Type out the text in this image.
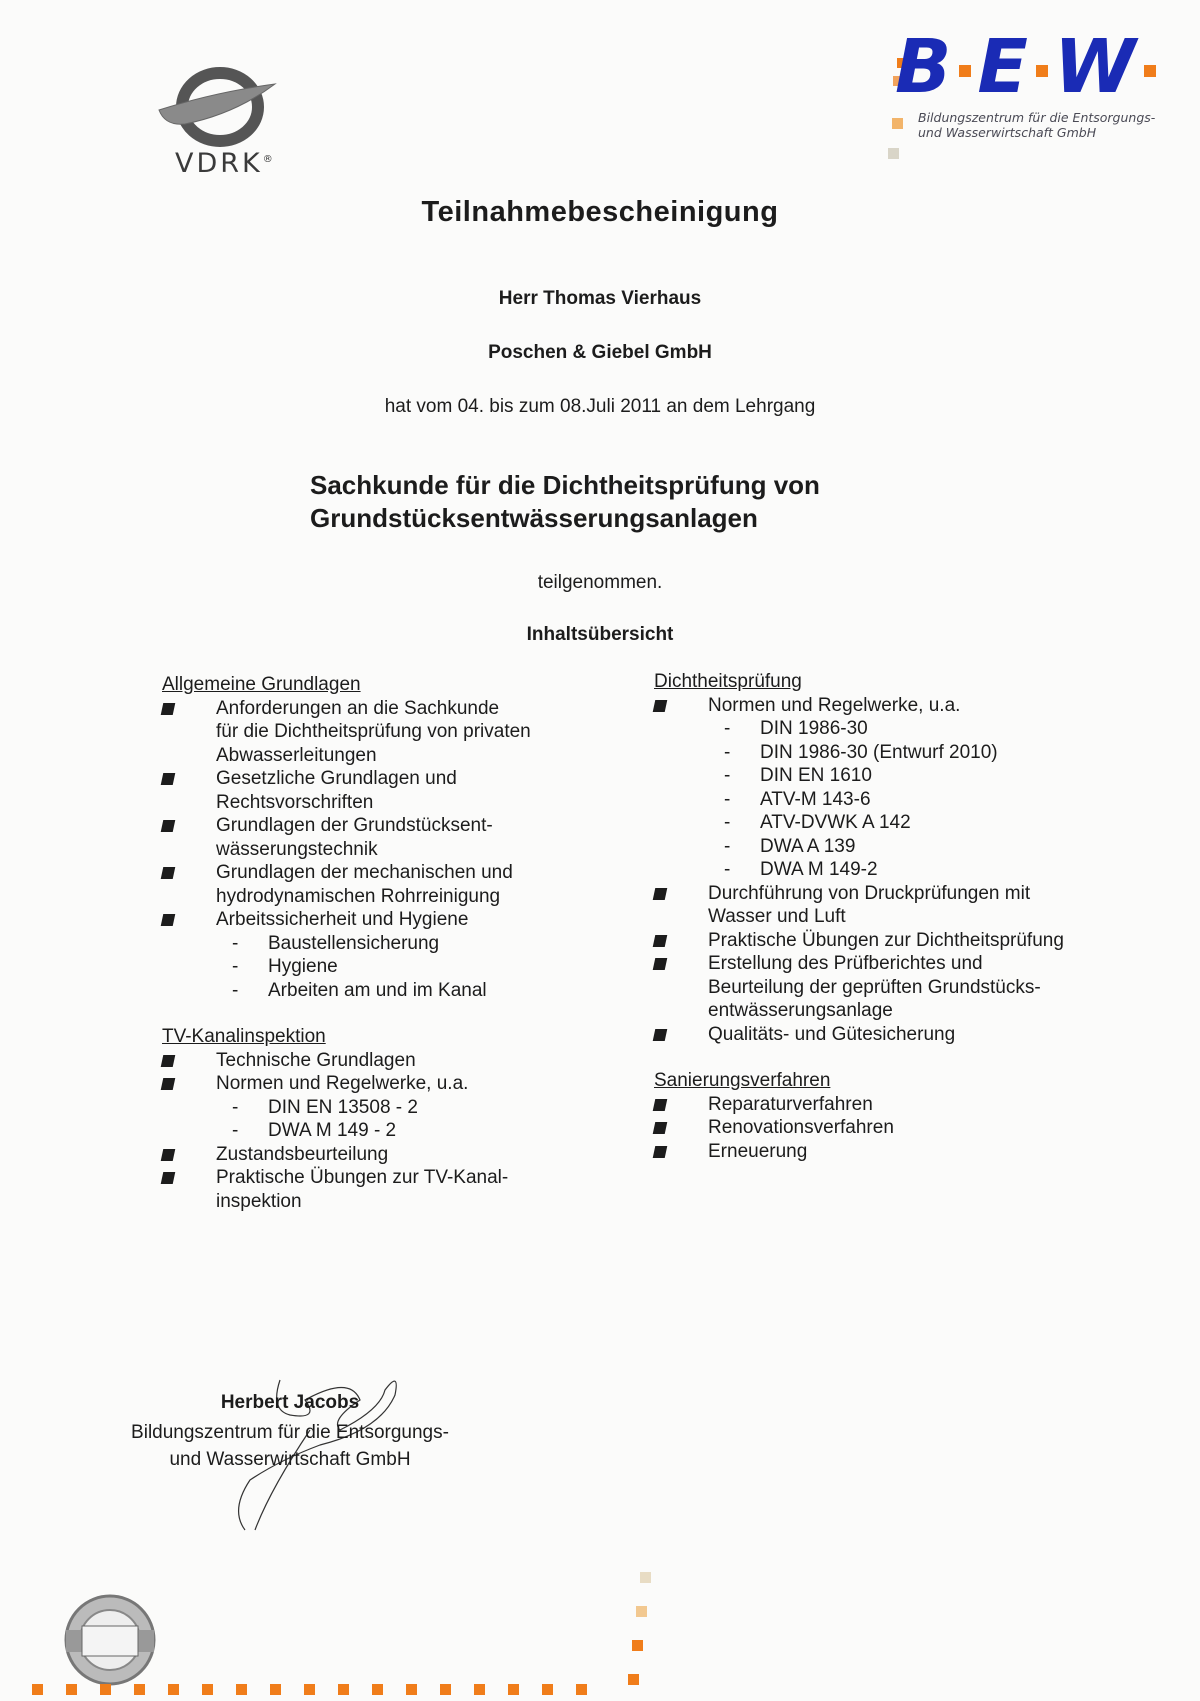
VDRK®
B E W
Bildungszentrum für die Entsorgungs-
und Wasserwirtschaft GmbH
Teilnahmebescheinigung
Herr Thomas Vierhaus
Poschen & Giebel GmbH
hat vom 04. bis zum 08.Juli 2011 an dem Lehrgang
Sachkunde für die Dichtheitsprüfung von
Grundstücksentwässerungsanlagen
teilgenommen.
Inhaltsübersicht
Allgemeine Grundlagen
Anforderungen an die Sachkunde
für die Dichtheitsprüfung von privaten
Abwasserleitungen
Gesetzliche Grundlagen und
Rechtsvorschriften
Grundlagen der Grundstücksent-
wässerungstechnik
Grundlagen der mechanischen und
hydrodynamischen Rohrreinigung
Arbeitssicherheit und Hygiene
- Baustellensicherung
- Hygiene
- Arbeiten am und im Kanal
TV-Kanalinspektion
Technische Grundlagen
Normen und Regelwerke, u.a.
- DIN EN 13508 - 2
- DWA M 149 - 2
Zustandsbeurteilung
Praktische Übungen zur TV-Kanal-
inspektion
Dichtheitsprüfung
Normen und Regelwerke, u.a.
- DIN 1986-30
- DIN 1986-30 (Entwurf 2010)
- DIN EN 1610
- ATV-M 143-6
- ATV-DVWK A 142
- DWA A 139
- DWA M 149-2
Durchführung von Druckprüfungen mit
Wasser und Luft
Praktische Übungen zur Dichtheitsprüfung
Erstellung des Prüfberichtes und
Beurteilung der geprüften Grundstücks-
entwässerungsanlage
Qualitäts- und Gütesicherung
Sanierungsverfahren
Reparaturverfahren
Renovationsverfahren
Erneuerung
Herbert Jacobs
Bildungszentrum für die Entsorgungs-
und Wasserwirtschaft GmbH
